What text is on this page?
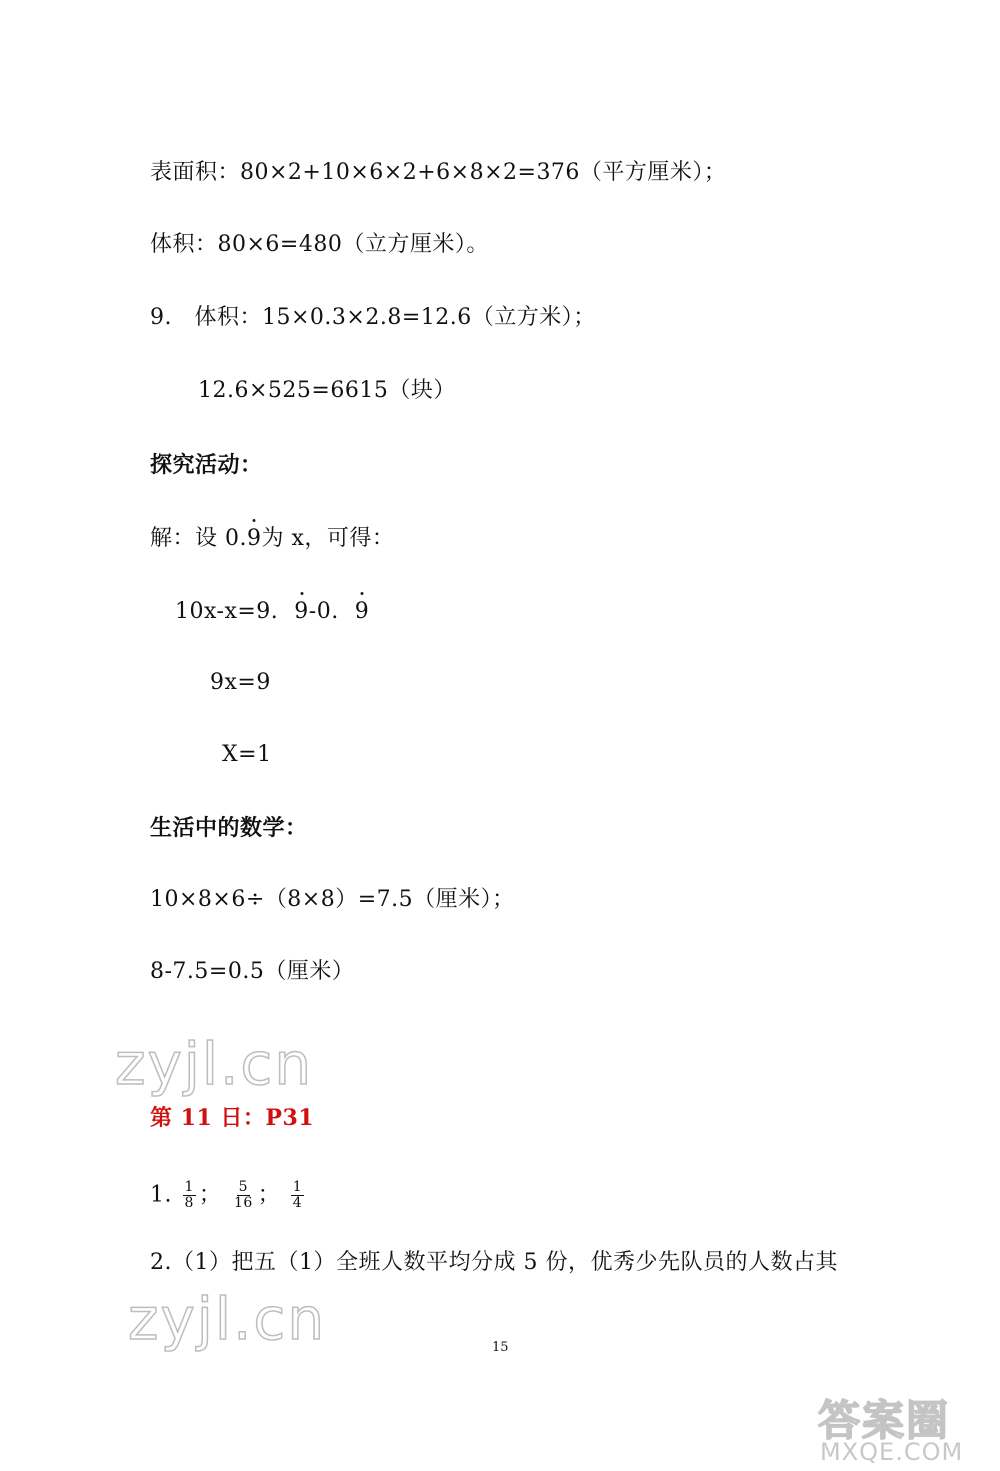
表面积：80×2+10×6×2+6×8×2=376（平方厘米）；
体积：80×6=480（立方厘米）。
9.　体积：15×0.3×2.8=12.6（立方米）；
12.6×525=6615（块）
探究活动：
解：设 0.9为 x，可得：
10x-x=9. 9-0. 9
9x=9
X=1
生活中的数学：
10×8×6÷（8×8）=7.5（厘米）；
8-7.5=0.5（厘米）
zyjl.cn
第 11 日：P31
1. $\frac{1}{8}$ ； $\frac{5}{16}$ ； $\frac{1}{4}$
2.（1）把五（1）全班人数平均分成 5 份，优秀少先队员的人数占其
zyjl.cn	15
答案圈
MXQE.COM
